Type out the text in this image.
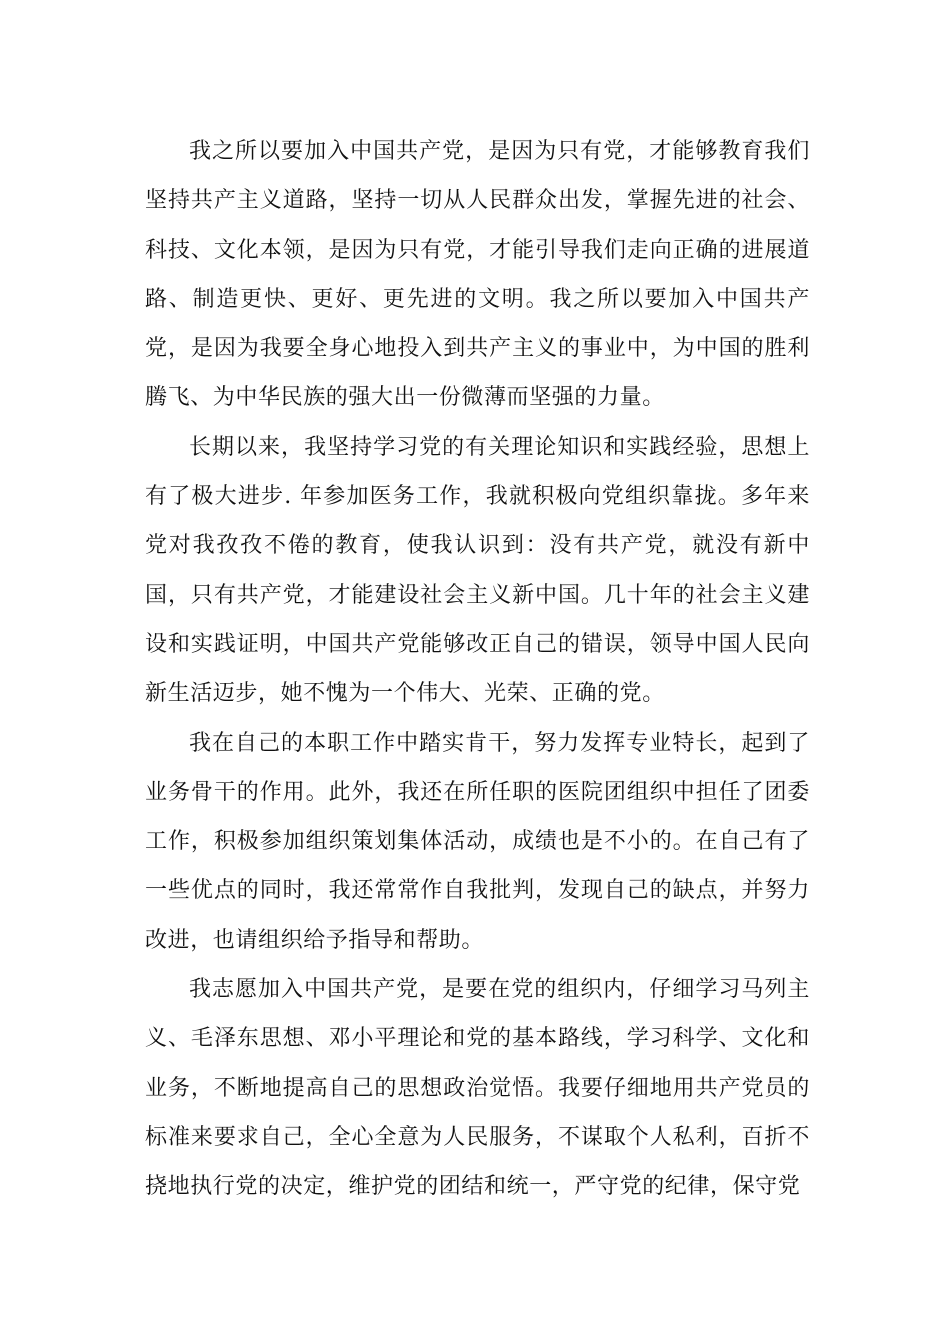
我之所以要加入中国共产党，是因为只有党，才能够教育我们坚持共产主义道路，坚持一切从人民群众出发，掌握先进的社会、科技、文化本领，是因为只有党，才能引导我们走向正确的进展道路、制造更快、更好、更先进的文明。我之所以要加入中国共产党，是因为我要全身心地投入到共产主义的事业中，为中国的胜利腾飞、为中华民族的强大出一份微薄而坚强的力量。

长期以来，我坚持学习党的有关理论知识和实践经验，思想上有了极大进步. 年参加医务工作，我就积极向党组织靠拢。多年来党对我孜孜不倦的教育，使我认识到：没有共产党，就没有新中国，只有共产党，才能建设社会主义新中国。几十年的社会主义建设和实践证明，中国共产党能够改正自己的错误，领导中国人民向新生活迈步，她不愧为一个伟大、光荣、正确的党。

我在自己的本职工作中踏实肯干，努力发挥专业特长，起到了业务骨干的作用。此外，我还在所任职的医院团组织中担任了团委工作，积极参加组织策划集体活动，成绩也是不小的。在自己有了一些优点的同时，我还常常作自我批判，发现自己的缺点，并努力改进，也请组织给予指导和帮助。

我志愿加入中国共产党，是要在党的组织内，仔细学习马列主义、毛泽东思想、邓小平理论和党的基本路线，学习科学、文化和业务，不断地提高自己的思想政治觉悟。我要仔细地用共产党员的标准来要求自己，全心全意为人民服务，不谋取个人私利，百折不挠地执行党的决定，维护党的团结和统一，严守党的纪律，保守党
